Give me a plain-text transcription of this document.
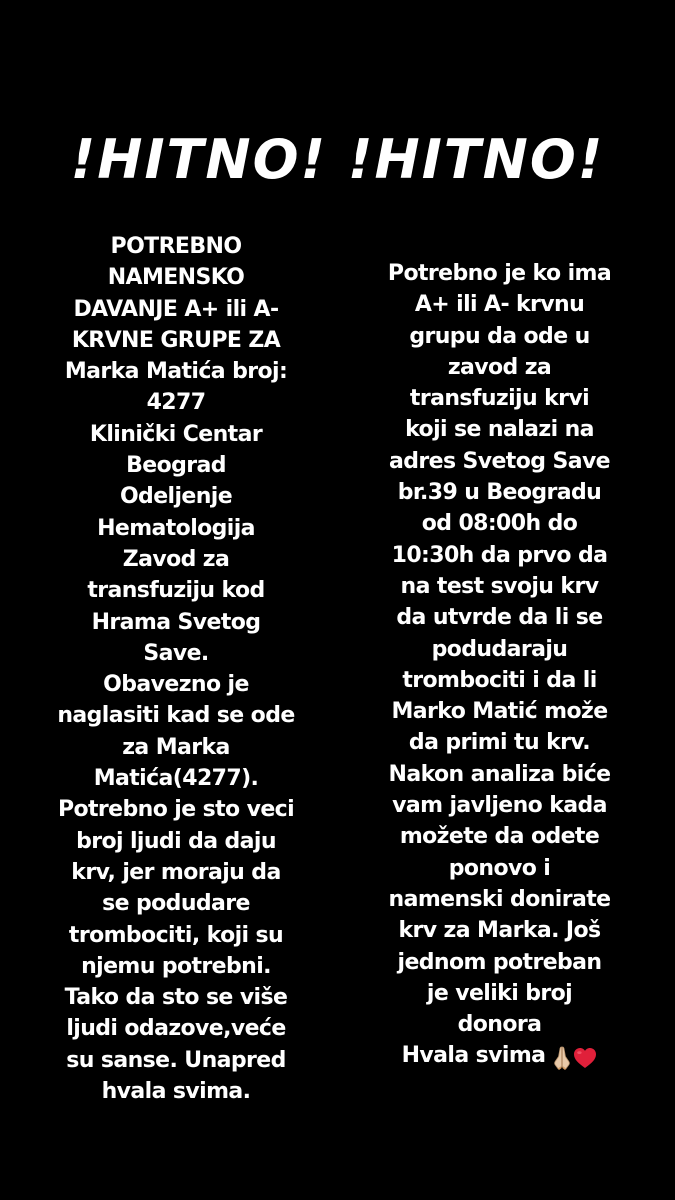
!HITNO! !HITNO!
POTREBNO
NAMENSKO
DAVANJE A+ ili A-
KRVNE GRUPE ZA
Marka Matića broj:
4277
Klinički Centar
Beograd
Odeljenje
Hematologija
Zavod za
transfuziju kod
Hrama Svetog
Save.
Obavezno je
naglasiti kad se ode
za Marka
Matića(4277).
Potrebno je sto veci
broj ljudi da daju
krv, jer moraju da
se podudare
trombociti, koji su
njemu potrebni.
Tako da sto se više
ljudi odazove,veće
su sanse. Unapred
hvala svima.
Potrebno je ko ima
A+ ili A- krvnu
grupu da ode u
zavod za
transfuziju krvi
koji se nalazi na
adres Svetog Save
br.39 u Beogradu
od 08:00h do
10:30h da prvo da
na test svoju krv
da utvrde da li se
podudaraju
trombociti i da li
Marko Matić može
da primi tu krv.
Nakon analiza biće
vam javljeno kada
možete da odete
ponovo i
namenski donirate
krv za Marka. Još
jednom potreban
je veliki broj
donora
Hvala svima
